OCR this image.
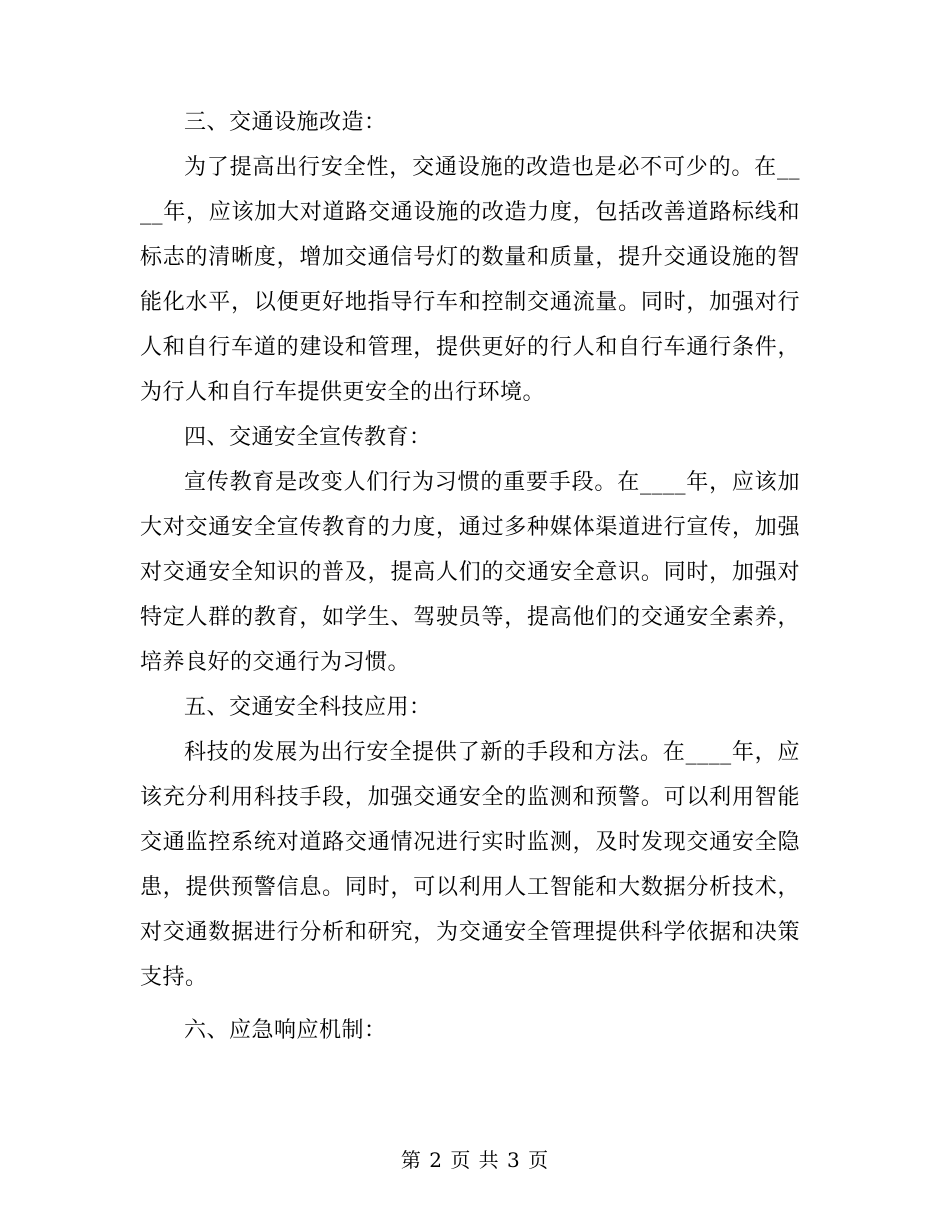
三、交通设施改造：

为了提高出行安全性，交通设施的改造也是必不可少的。在____年，应该加大对道路交通设施的改造力度，包括改善道路标线和标志的清晰度，增加交通信号灯的数量和质量，提升交通设施的智能化水平，以便更好地指导行车和控制交通流量。同时，加强对行人和自行车道的建设和管理，提供更好的行人和自行车通行条件，为行人和自行车提供更安全的出行环境。

四、交通安全宣传教育：

宣传教育是改变人们行为习惯的重要手段。在____年，应该加大对交通安全宣传教育的力度，通过多种媒体渠道进行宣传，加强对交通安全知识的普及，提高人们的交通安全意识。同时，加强对特定人群的教育，如学生、驾驶员等，提高他们的交通安全素养，培养良好的交通行为习惯。

五、交通安全科技应用：

科技的发展为出行安全提供了新的手段和方法。在____年，应该充分利用科技手段，加强交通安全的监测和预警。可以利用智能交通监控系统对道路交通情况进行实时监测，及时发现交通安全隐患，提供预警信息。同时，可以利用人工智能和大数据分析技术，对交通数据进行分析和研究，为交通安全管理提供科学依据和决策支持。

六、应急响应机制：

第 2 页 共 3 页
